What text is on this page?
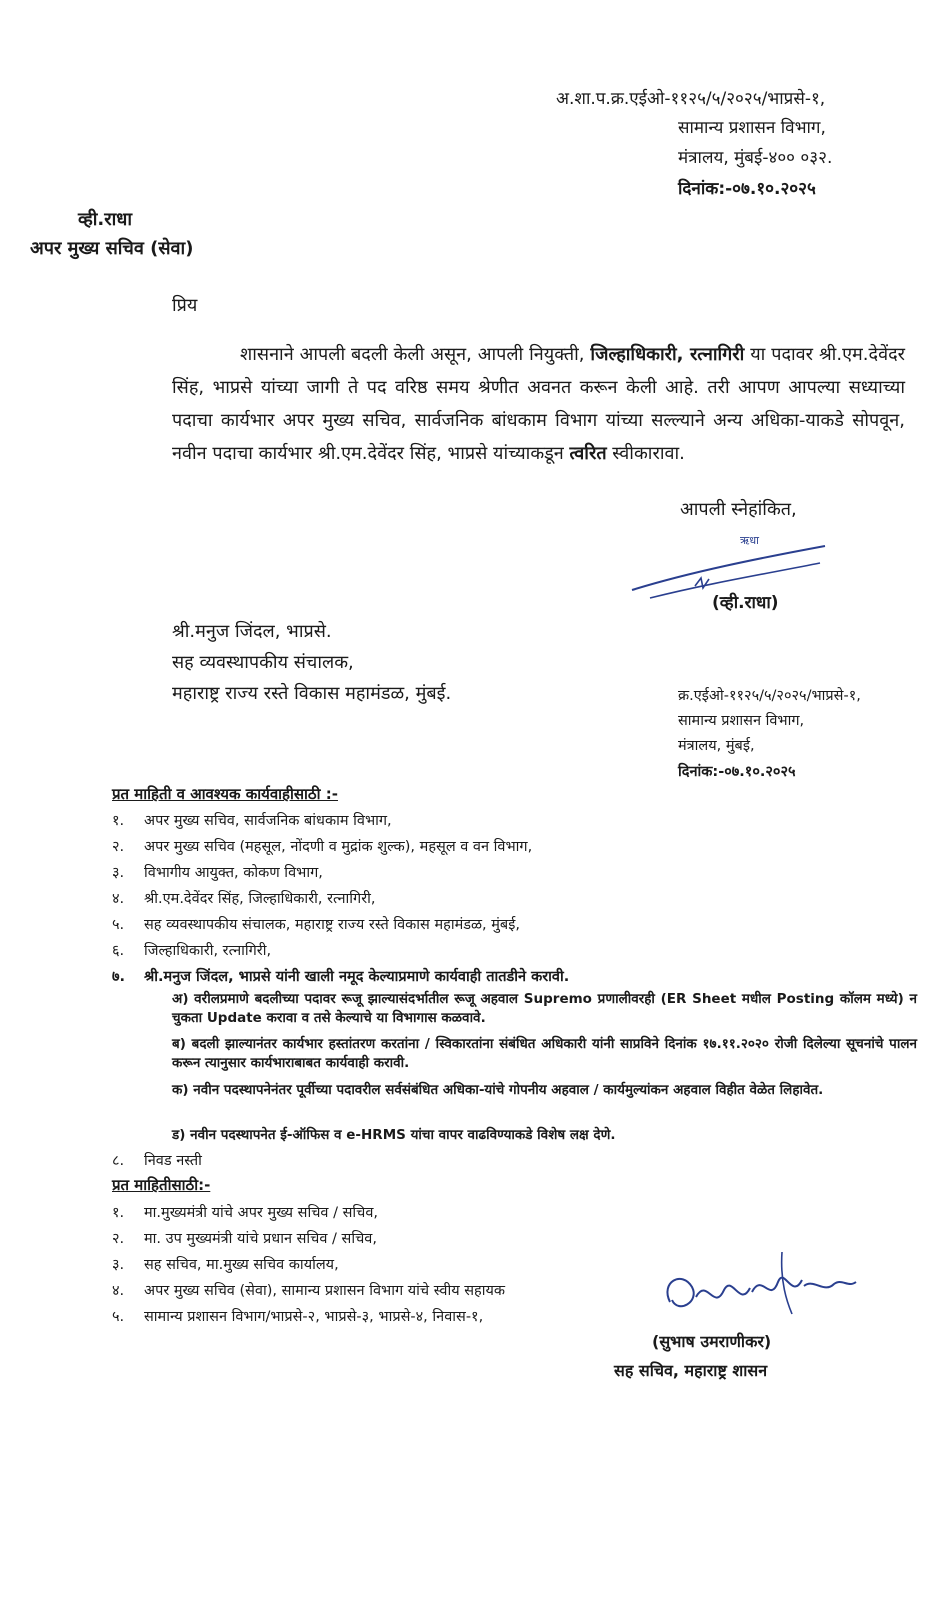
अ.शा.प.क्र.एईओ-११२५/५/२०२५/भाप्रसे-१,
सामान्य प्रशासन विभाग,
मंत्रालय, मुंबई-४०० ०३२.
दिनांक:-०७.१०.२०२५
व्ही.राधा
अपर मुख्य सचिव (सेवा)
प्रिय
शासनाने आपली बदली केली असून, आपली नियुक्ती, जिल्हाधिकारी, रत्नागिरी या पदावर श्री.एम.देवेंदर सिंह, भाप्रसे यांच्या जागी ते पद वरिष्ठ समय श्रेणीत अवनत करून केली आहे. तरी आपण आपल्या सध्याच्या पदाचा कार्यभार अपर मुख्य सचिव, सार्वजनिक बांधकाम विभाग यांच्या सल्ल्याने अन्य अधिका-याकडे सोपवून, नवीन पदाचा कार्यभार श्री.एम.देवेंदर सिंह, भाप्रसे यांच्याकडून त्वरित स्वीकारावा.
आपली स्नेहांकित,
ऋधा
(व्ही.राधा)
श्री.मनुज जिंदल, भाप्रसे.
सह व्यवस्थापकीय संचालक,
महाराष्ट्र राज्य रस्ते विकास महामंडळ, मुंबई.	क्र.एईओ-११२५/५/२०२५/भाप्रसे-१,
सामान्य प्रशासन विभाग,
मंत्रालय, मुंबई,
दिनांक:-०७.१०.२०२५
प्रत माहिती व आवश्यक कार्यवाहीसाठी :-
१. अपर मुख्य सचिव, सार्वजनिक बांधकाम विभाग,
२. अपर मुख्य सचिव (महसूल, नोंदणी व मुद्रांक शुल्क), महसूल व वन विभाग,
३. विभागीय आयुक्त, कोकण विभाग,
४. श्री.एम.देवेंदर सिंह, जिल्हाधिकारी, रत्नागिरी,
५. सह व्यवस्थापकीय संचालक, महाराष्ट्र राज्य रस्ते विकास महामंडळ, मुंबई,
६. जिल्हाधिकारी, रत्नागिरी,
७. श्री.मनुज जिंदल, भाप्रसे यांनी खाली नमूद केल्याप्रमाणे कार्यवाही तातडीने करावी.
अ) वरीलप्रमाणे बदलीच्या पदावर रूजू झाल्यासंदर्भातील रूजू अहवाल Supremo प्रणालीवरही (ER Sheet मधील Posting कॉलम मध्ये) न चुकता Update करावा व तसे केल्याचे या विभागास कळवावे.
ब) बदली झाल्यानंतर कार्यभार हस्तांतरण करतांना / स्विकारतांना संबंधित अधिकारी यांनी साप्रविने दिनांक १७.११.२०२० रोजी दिलेल्या सूचनांचे पालन करून त्यानुसार कार्यभाराबाबत कार्यवाही करावी.
क) नवीन पदस्थापनेनंतर पूर्वीच्या पदावरील सर्वसंबंधित अधिका-यांचे गोपनीय अहवाल / कार्यमुल्यांकन अहवाल विहीत वेळेत लिहावेत.
ड) नवीन पदस्थापनेत ई-ऑफिस व e-HRMS यांचा वापर वाढविण्याकडे विशेष लक्ष देणे.
८. निवड नस्ती
प्रत माहितीसाठी:-
१. मा.मुख्यमंत्री यांचे अपर मुख्य सचिव / सचिव,
२. मा. उप मुख्यमंत्री यांचे प्रधान सचिव / सचिव,
३. सह सचिव, मा.मुख्य सचिव कार्यालय,
४. अपर मुख्य सचिव (सेवा), सामान्य प्रशासन विभाग यांचे स्वीय सहायक
५. सामान्य प्रशासन विभाग/भाप्रसे-२, भाप्रसे-३, भाप्रसे-४, निवास-१,
(सुभाष उमराणीकर)
सह सचिव, महाराष्ट्र शासन
